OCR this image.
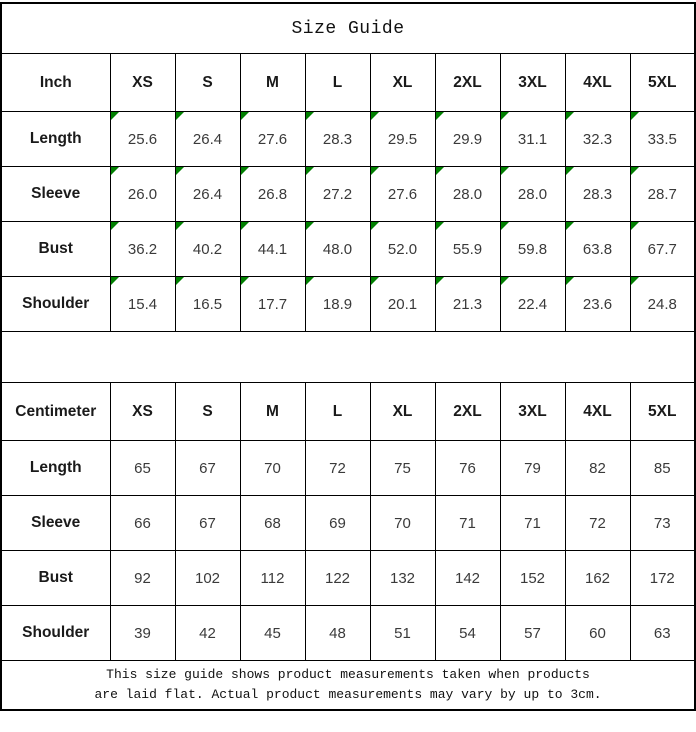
Size Guide									
Inch	XS	S	M	L	XL	2XL	3XL	4XL	5XL
Length	25.6	26.4	27.6	28.3	29.5	29.9	31.1	32.3	33.5
Sleeve	26.0	26.4	26.8	27.2	27.6	28.0	28.0	28.3	28.7
Bust	36.2	40.2	44.1	48.0	52.0	55.9	59.8	63.8	67.7
Shoulder	15.4	16.5	17.7	18.9	20.1	21.3	22.4	23.6	24.8

Centimeter	XS	S	M	L	XL	2XL	3XL	4XL	5XL
Length	65	67	70	72	75	76	79	82	85
Sleeve	66	67	68	69	70	71	71	72	73
Bust	92	102	112	122	132	142	152	162	172
Shoulder	39	42	45	48	51	54	57	60	63

This size guide shows product measurements taken when products
are laid flat. Actual product measurements may vary by up to 3cm.									
